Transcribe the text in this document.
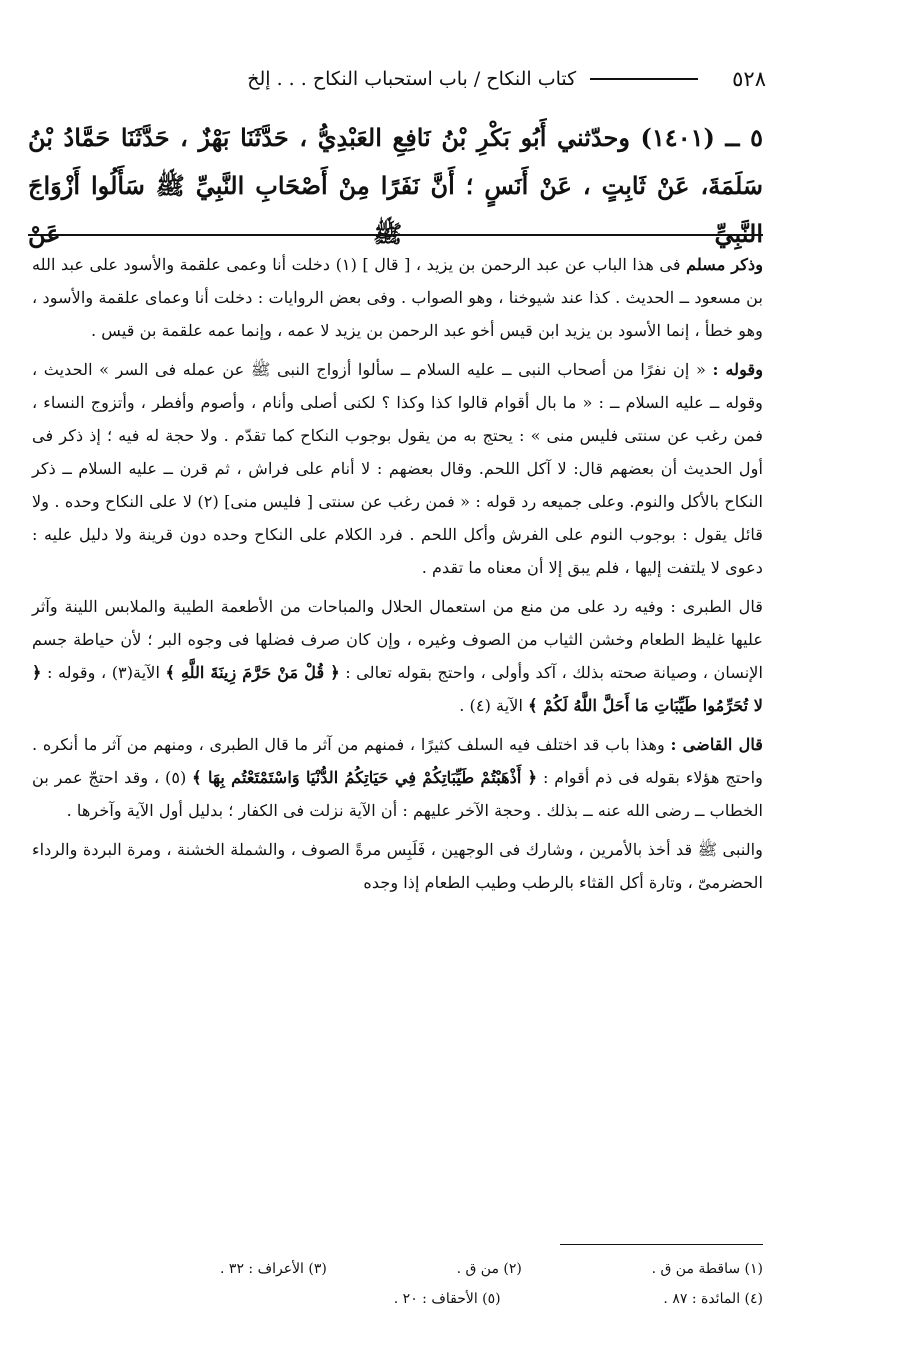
٥٢٨
كتاب النكاح / باب استحباب النكاح . . . إلخ
٥ ــ (١٤٠١) وحدّثني أَبُو بَكْرِ بْنُ نَافِعِ العَبْدِيُّ ، حَدَّثَنَا بَهْزٌ ، حَدَّثَنَا حَمَّادُ بْنُ سَلَمَةَ، عَنْ ثَابِتٍ ، عَنْ أَنَسٍ ؛ أَنَّ نَفَرًا مِنْ أَصْحَابِ النَّبِيِّ ﷺ سَأَلُوا أَزْوَاجَ النَّبِيِّ ﷺ عَنْ

وذكر مسلم فى هذا الباب عن عبد الرحمن بن يزيد ، [ قال ] (١) دخلت أنا وعمى علقمة والأسود على عبد الله بن مسعود ــ الحديث . كذا عند شيوخنا ، وهو الصواب . وفى بعض الروايات : دخلت أنا وعماى علقمة والأسود ، وهو خطأ ، إنما الأسود بن يزيد ابن قيس أخو عبد الرحمن بن يزيد لا عمه ، وإنما عمه علقمة بن قيس .

وقوله : « إن نفرًا من أصحاب النبى ــ عليه السلام ــ سألوا أزواج النبى ﷺ عن عمله فى السر » الحديث ، وقوله ــ عليه السلام ــ : « ما بال أقوام قالوا كذا وكذا ؟ لكنى أصلى وأنام ، وأصوم وأفطر ، وأتزوج النساء ، فمن رغب عن سنتى فليس منى » : يحتج به من يقول بوجوب النكاح كما تقدّم . ولا حجة له فيه ؛ إذ ذكر فى أول الحديث أن بعضهم قال: لا آكل اللحم. وقال بعضهم : لا أنام على فراش ، ثم قرن ــ عليه السلام ــ ذكر النكاح بالأكل والنوم. وعلى جميعه رد قوله : « فمن رغب عن سنتى [ فليس منى] (٢) لا على النكاح وحده . ولا قائل يقول : بوجوب النوم على الفرش وأكل اللحم . فرد الكلام على النكاح وحده دون قرينة ولا دليل عليه : دعوى لا يلتفت إليها ، فلم يبق إلا أن معناه ما تقدم .

قال الطبرى : وفيه رد على من منع من استعمال الحلال والمباحات من الأطعمة الطيبة والملابس اللينة وآثر عليها غليظ الطعام وخشن الثياب من الصوف وغيره ، وإن كان صرف فضلها فى وجوه البر ؛ لأن حياطة جسم الإنسان ، وصيانة صحته بذلك ، آكد وأولى ، واحتج بقوله تعالى : ﴿ قُلْ مَنْ حَرَّمَ زِينَةَ اللَّهِ ﴾ الآية(٣) ، وقوله : ﴿ لا تُحَرِّمُوا طَيِّبَاتِ مَا أَحَلَّ اللَّهُ لَكُمْ ﴾ الآية (٤) .

قال القاضى : وهذا باب قد اختلف فيه السلف كثيرًا ، فمنهم من آثر ما قال الطبرى ، ومنهم من آثر ما أنكره . واحتج هؤلاء بقوله فى ذم أقوام : ﴿ أَذْهَبْتُمْ طَيِّبَاتِكُمْ فِي حَيَاتِكُمُ الدُّنْيَا وَاسْتَمْتَعْتُم بِهَا ﴾ (٥) ، وقد احتجّ عمر بن الخطاب ــ رضى الله عنه ــ بذلك . وحجة الآخر عليهم : أن الآية نزلت فى الكفار ؛ بدليل أول الآية وآخرها .

والنبى ﷺ قد أخذ بالأمرين ، وشارك فى الوجهين ، فَلَبِس مرةً الصوف ، والشملة الخشنة ، ومرة البردة والرداء الحضرمىّ ، وتارة أكل القثاء بالرطب وطيب الطعام إذا وجده

(١) ساقطة من ق .
(٢) من ق .
(٣) الأعراف : ٣٢ .
(٤) المائدة : ٨٧ .
(٥) الأحقاف : ٢٠ .
